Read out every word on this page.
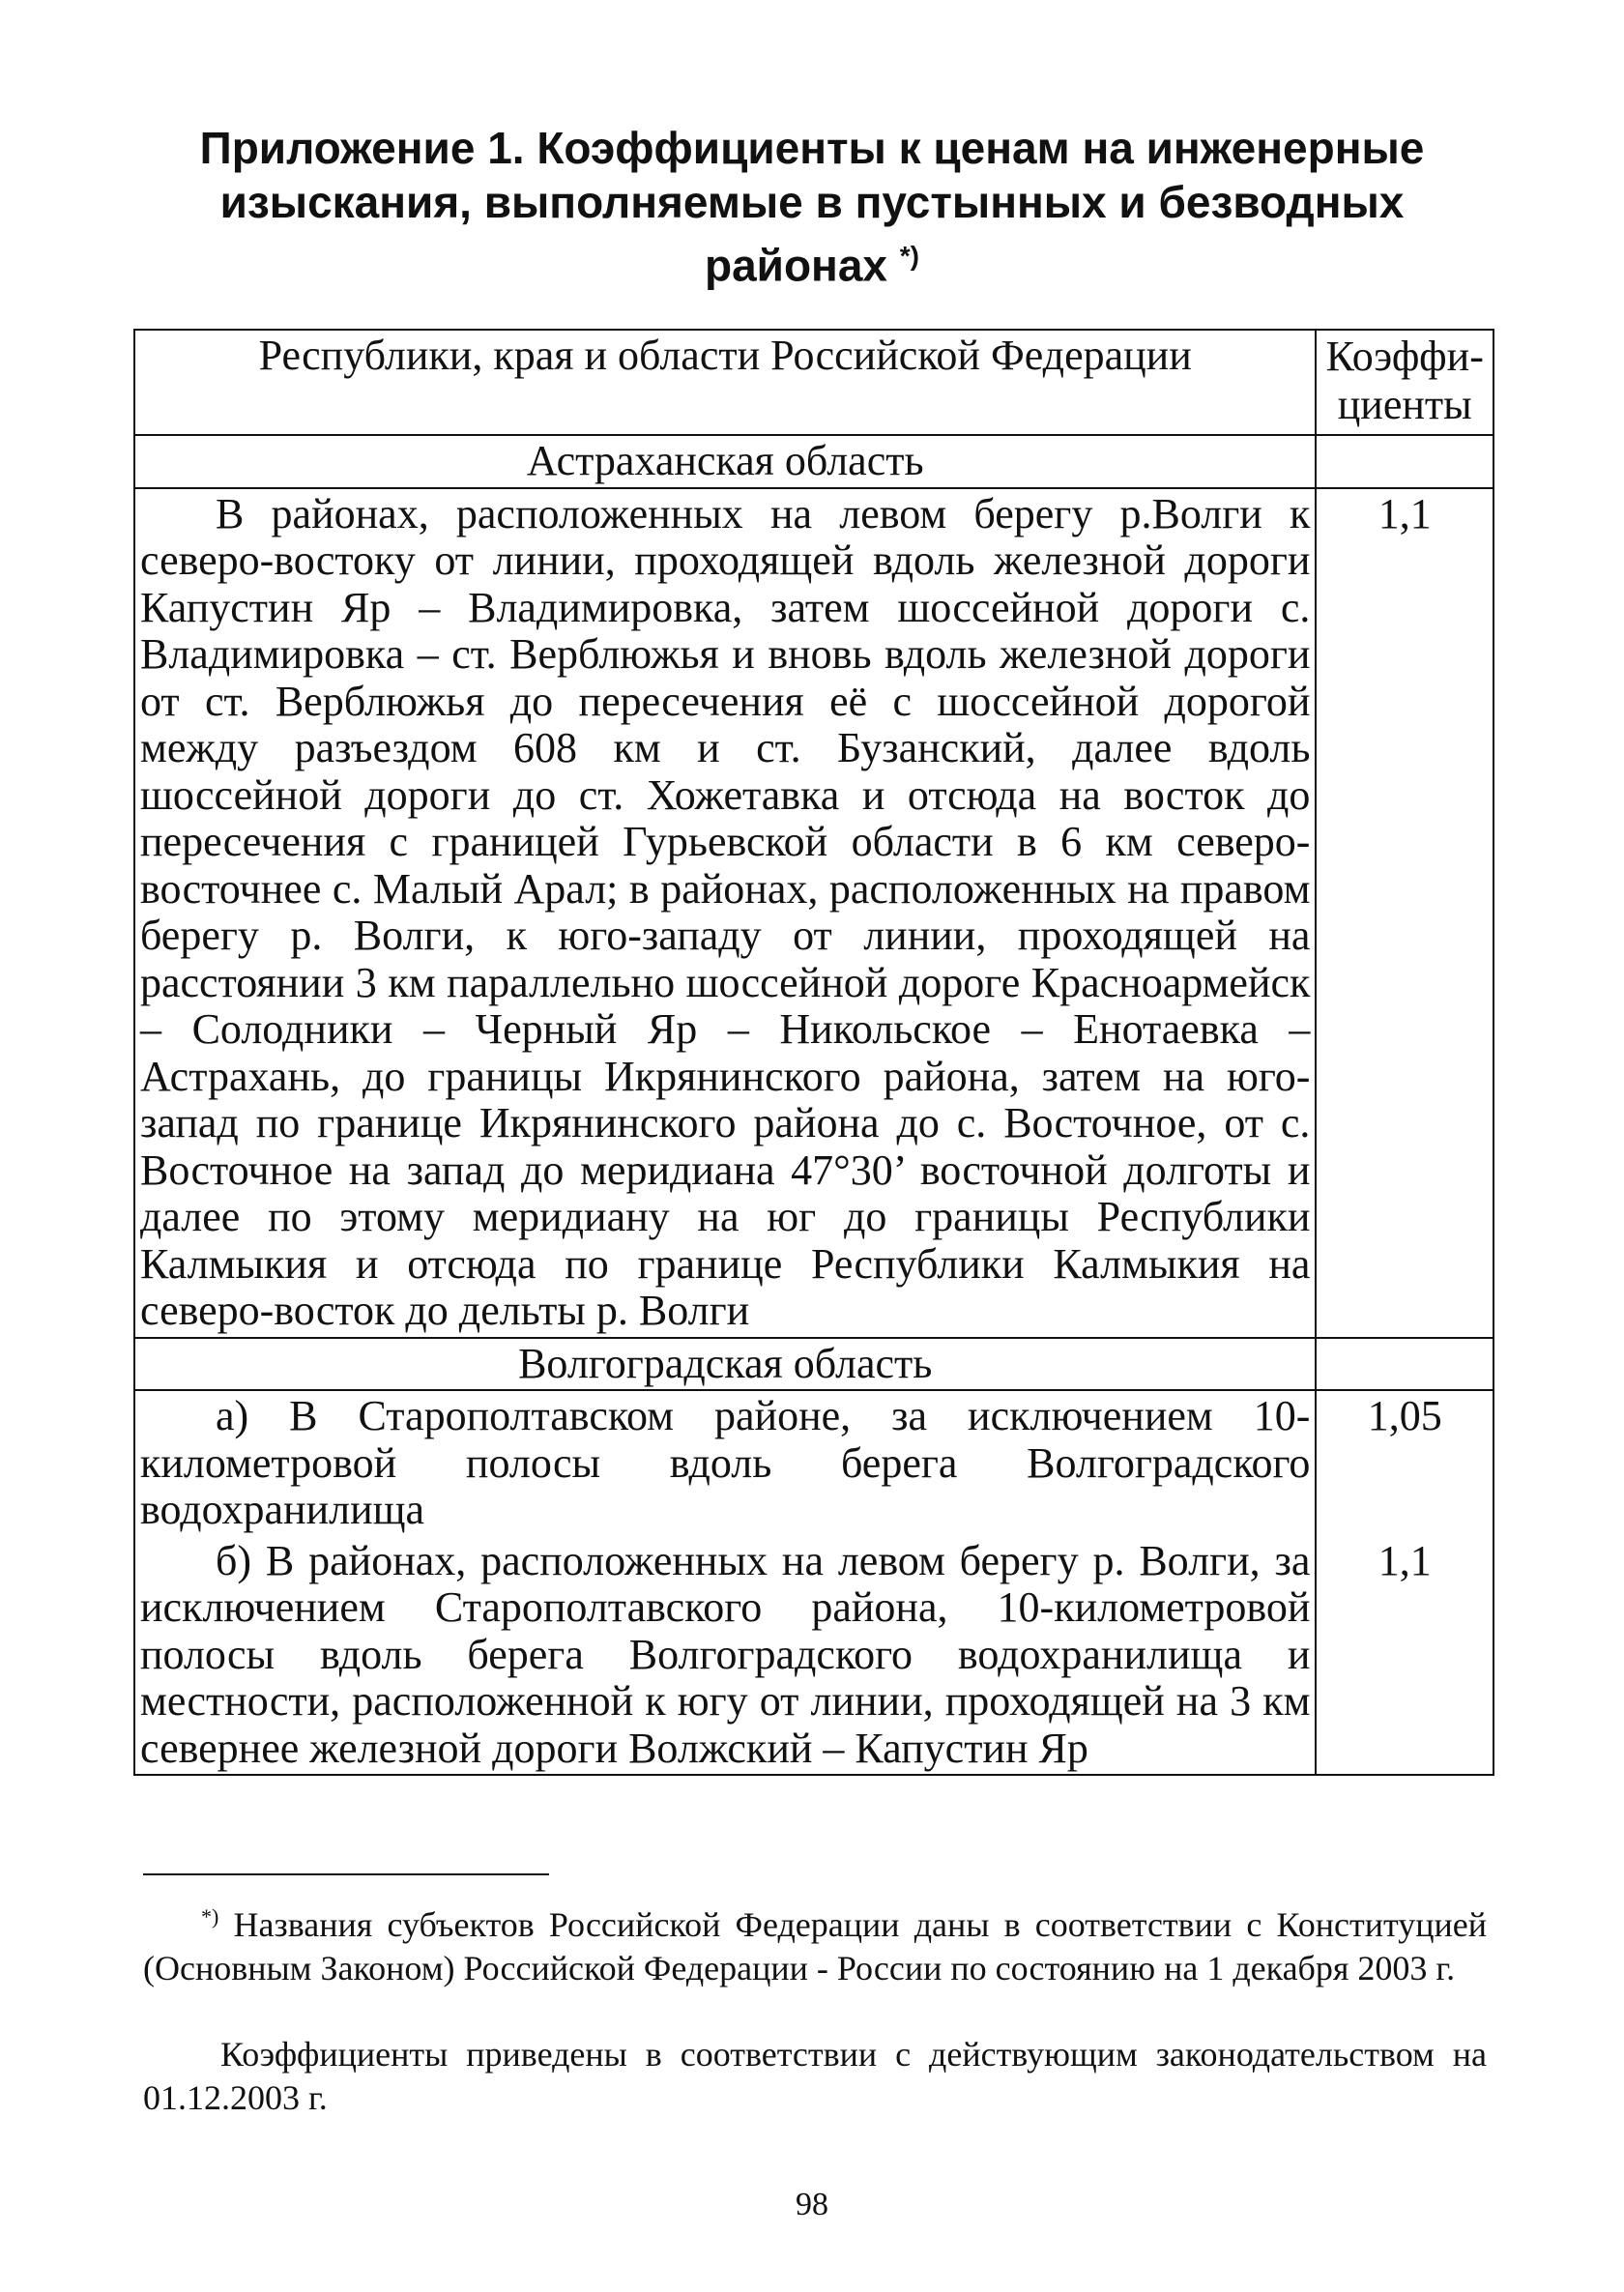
Приложение 1. Коэффициенты к ценам на инженерные изыскания, выполняемые в пустынных и безводных районах *)
Республики, края и области Российской Федерации	Коэффи-циенты
Астраханская область	
В районах, расположенных на левом берегу р.Волги к северо-востоку от линии, проходящей вдоль железной дороги Капустин Яр – Владимировка, затем шоссейной дороги с. Владимировка – ст. Верблюжья и вновь вдоль железной дороги от ст. Верблюжья до пересечения её с шоссейной дорогой между разъездом 608 км и ст. Бузанский, далее вдоль шоссейной дороги до ст. Хожетавка и отсюда на восток до пересечения с границей Гурьевской области в 6 км северо-восточнее с. Малый Арал; в районах, расположенных на правом берегу р. Волги, к юго-западу от линии, проходящей на расстоянии 3 км параллельно шоссейной дороге Красноармейск – Солодники – Черный Яр – Никольское – Енотаевка – Астрахань, до границы Икрянинского района, затем на юго-запад по границе Икрянинского района до с. Восточное, от с. Восточное на запад до меридиана 47°30’ восточной долготы и далее по этому меридиану на юг до границы Республики Калмыкия и отсюда по границе Республики Калмыкия на северо-восток до дельты р. Волги	1,1
Волгоградская область	
а) В Старополтавском районе, за исключением 10-километровой полосы вдоль берега Волгоградского водохранилища	1,05
б) В районах, расположенных на левом берегу р. Волги, за исключением Старополтавского района, 10-километровой полосы вдоль берега Волгоградского водохранилища и местности, расположенной к югу от линии, проходящей на 3 км севернее железной дороги Волжский – Капустин Яр	1,1

*) Названия субъектов Российской Федерации даны в соответствии с Конституцией (Основным Законом) Российской Федерации - России по состоянию на 1 декабря 2003 г.

Коэффициенты приведены в соответствии с действующим законодательством на 01.12.2003 г.

98
